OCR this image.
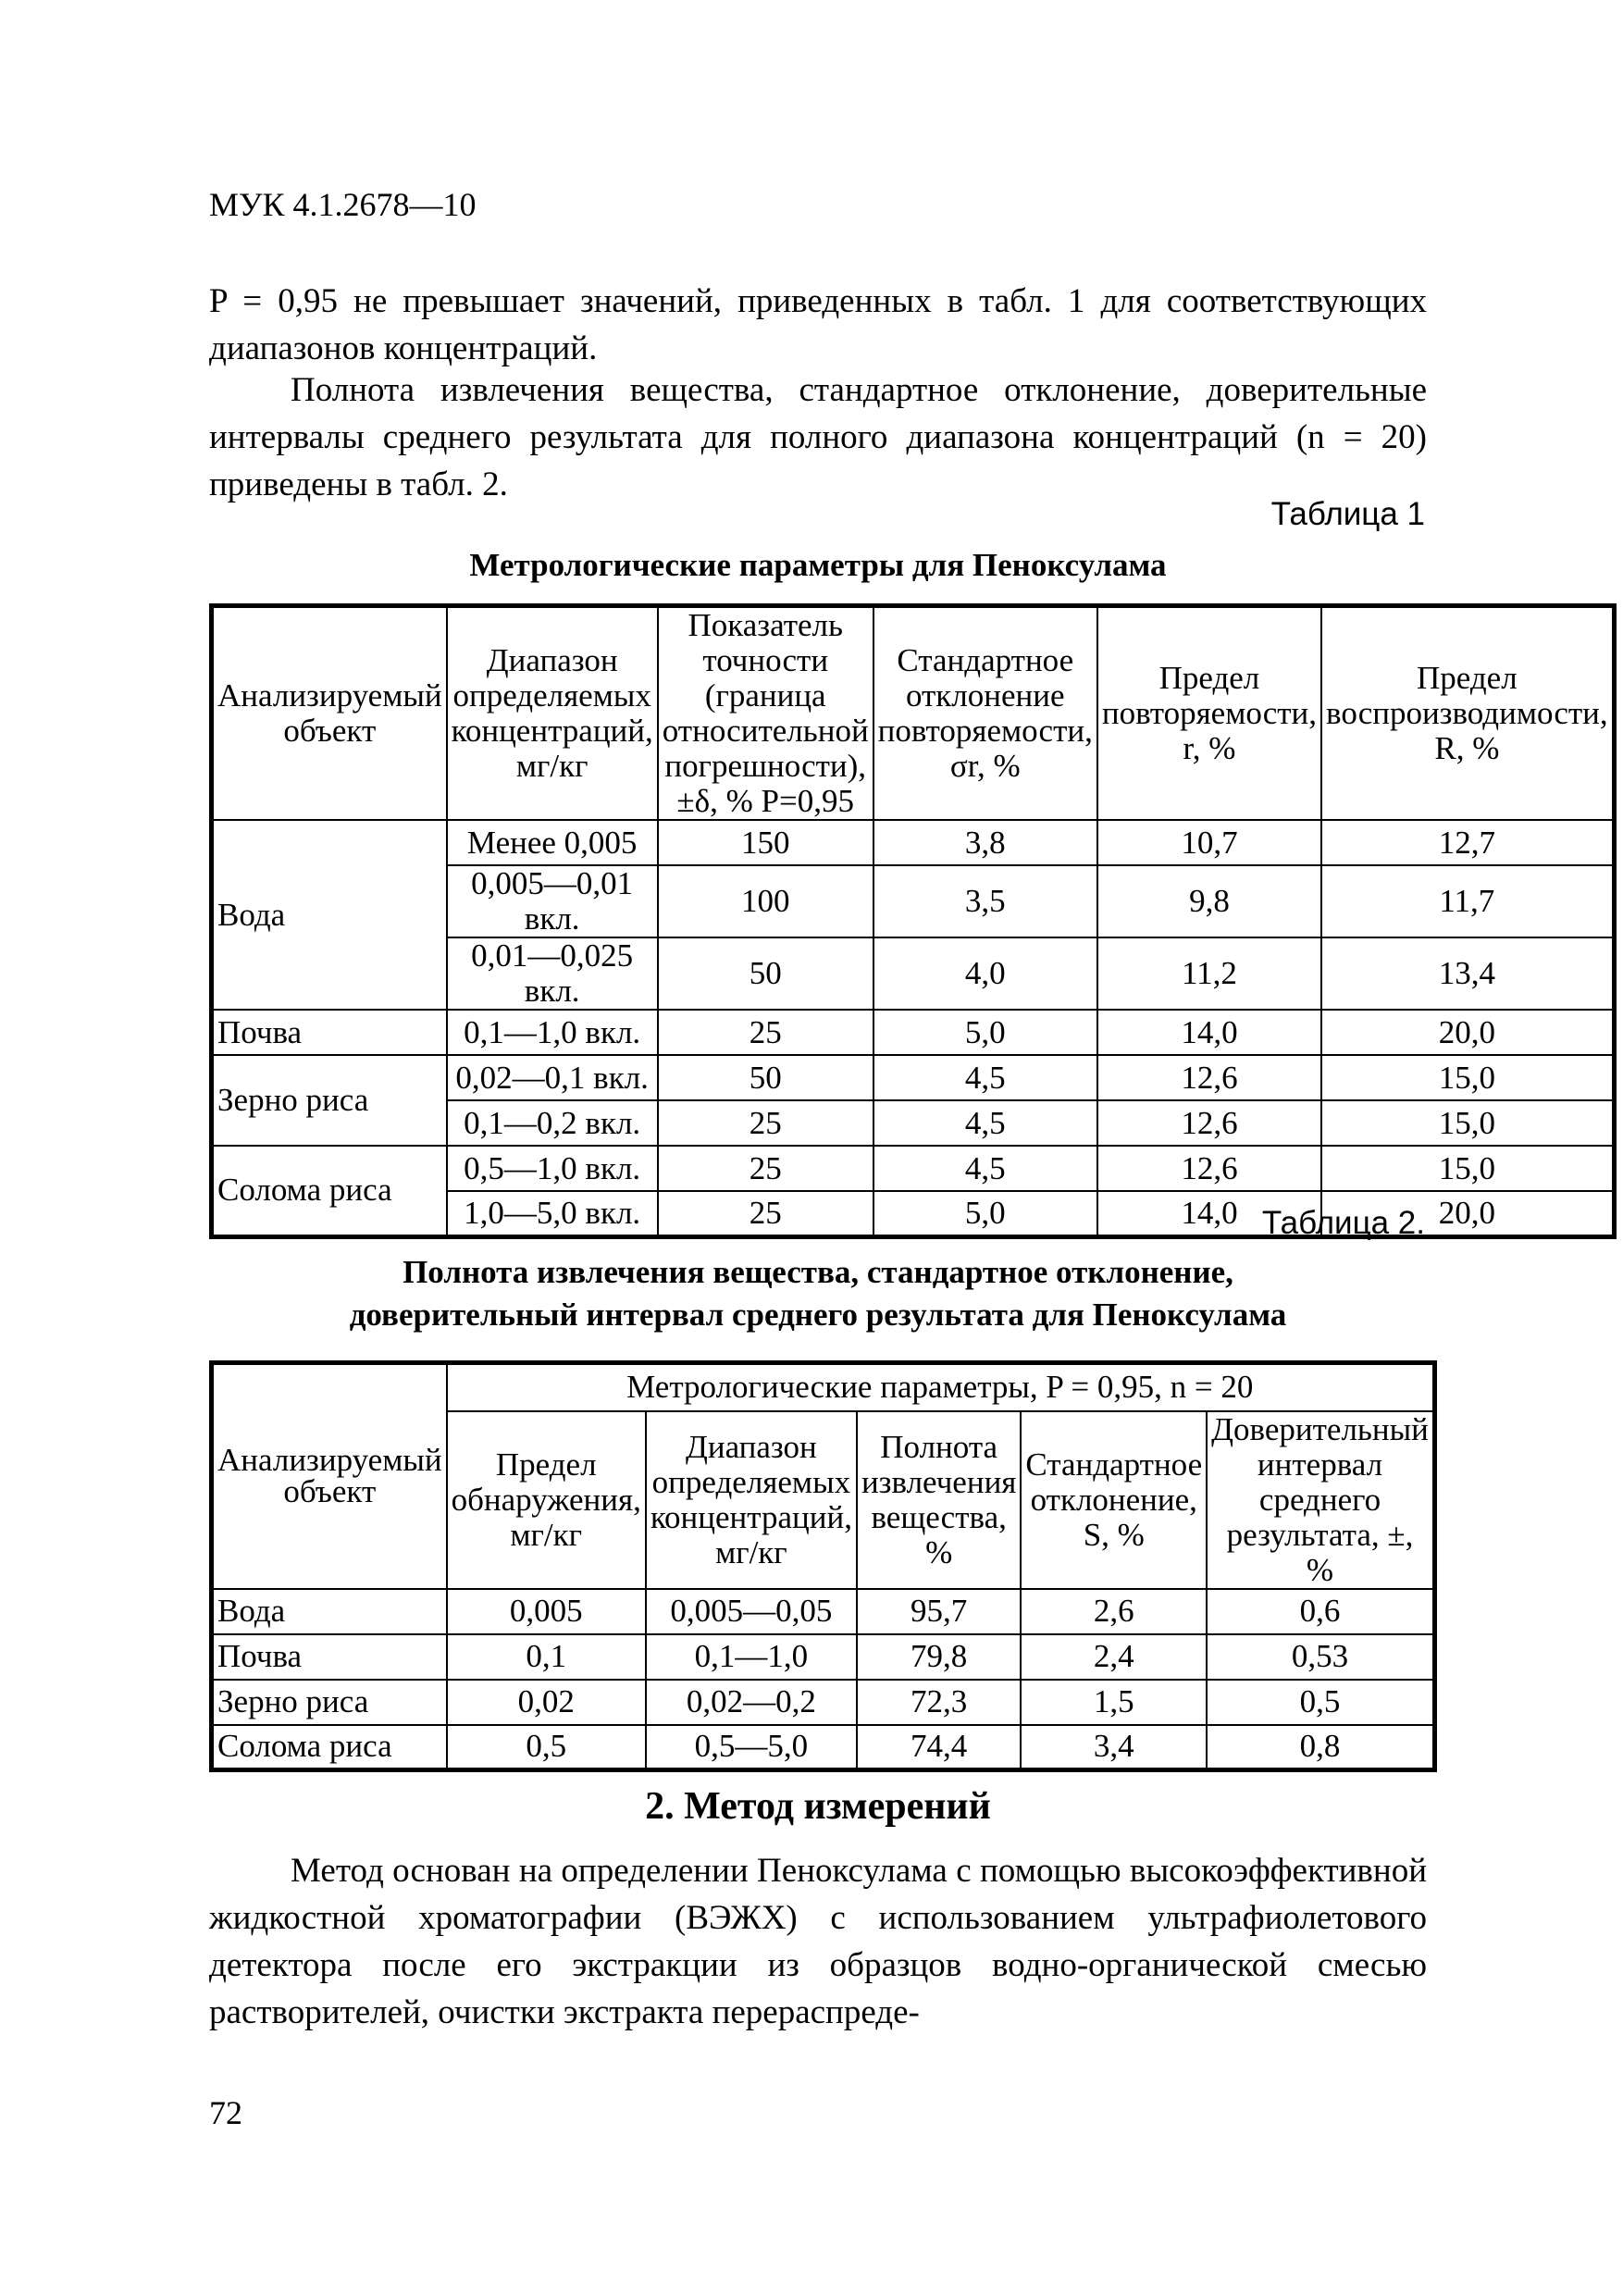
МУК 4.1.2678—10
P = 0,95 не превышает значений, приведенных в табл. 1 для соответствующих диапазонов концентраций.
Полнота извлечения вещества, стандартное отклонение, доверительные интервалы среднего результата для полного диапазона концентраций (n = 20) приведены в табл. 2.
Таблица 1
Метрологические параметры для Пеноксулама
Анализируемый объект	Диапазон определяемых концентраций, мг/кг	Показатель точности (границa относительной погрешности), ±δ, % P=0,95	Стандартное отклонение повторяемости, σr, %	Предел повторяемости, r, %	Предел воспроизводимости, R, %
Вода	Менее 0,005	150	3,8	10,7	12,7
	0,005—0,01 вкл.	100	3,5	9,8	11,7
	0,01—0,025 вкл.	50	4,0	11,2	13,4
Почва	0,1—1,0 вкл.	25	5,0	14,0	20,0
Зерно риса	0,02—0,1 вкл.	50	4,5	12,6	15,0
	0,1—0,2 вкл.	25	4,5	12,6	15,0
Солома риса	0,5—1,0 вкл.	25	4,5	12,6	15,0
	1,0—5,0 вкл.	25	5,0	14,0	20,0
Таблица 2.
Полнота извлечения вещества, стандартное отклонение,
доверительный интервал среднего результата для Пеноксулама
Анализируемый объект	Метрологические параметры, P = 0,95, n = 20				
	Предел обнаружения, мг/кг	Диапазон определяемых концентраций, мг/кг	Полнота извлечения вещества, %	Стандартное отклонение, S, %	Доверительный интервал среднего результата, ±, %
Вода	0,005	0,005—0,05	95,7	2,6	0,6
Почва	0,1	0,1—1,0	79,8	2,4	0,53
Зерно риса	0,02	0,02—0,2	72,3	1,5	0,5
Солома риса	0,5	0,5—5,0	74,4	3,4	0,8
2. Метод измерений
Метод основан на определении Пеноксулама с помощью высокоэффективной жидкостной хроматографии (ВЭЖХ) с использованием ультрафиолетового детектора после его экстракции из образцов водно-органической смесью растворителей, очистки экстракта перераспреде-
72
